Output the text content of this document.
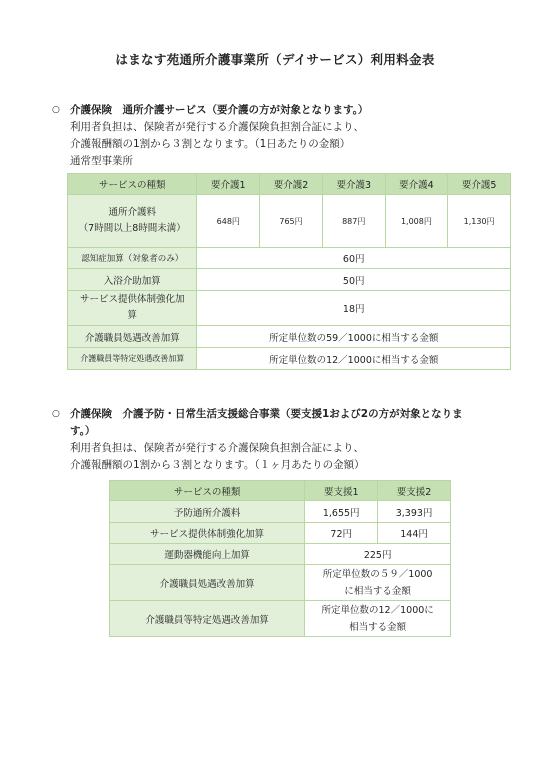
はまなす苑通所介護事業所（デイサービス）利用料金表
○ 介護保険　通所介護サービス（要介護の方が対象となります。）
利用者負担は、保険者が発行する介護保険負担割合証により、
介護報酬額の1割から３割となります。（1日あたりの金額）
通常型事業所
サービスの種類	要介護1	要介護2	要介護3	要介護4	要介護5
通所介護料
（7時間以上8時間未満）	648円	765円	887円	1,008円	1,130円
認知症加算（対象者のみ）	60円				
入浴介助加算	50円				
サービス提供体制強化加算	18円				
介護職員処遇改善加算	所定単位数の59／1000に相当する金額				
介護職員等特定処遇改善加算	所定単位数の12／1000に相当する金額				
○ 介護保険　介護予防・日常生活支援総合事業（要支援1および2の方が対象となりま
す。）
利用者負担は、保険者が発行する介護保険負担割合証により、
介護報酬額の1割から３割となります。（１ヶ月あたりの金額）
サービスの種類	要支援1	要支援2
予防通所介護料	1,655円	3,393円
サービス提供体制強化加算	72円	144円
運動器機能向上加算	225円	
介護職員処遇改善加算	所定単位数の５９／1000
に相当する金額	
介護職員等特定処遇改善加算	所定単位数の12／1000に
相当する金額	
